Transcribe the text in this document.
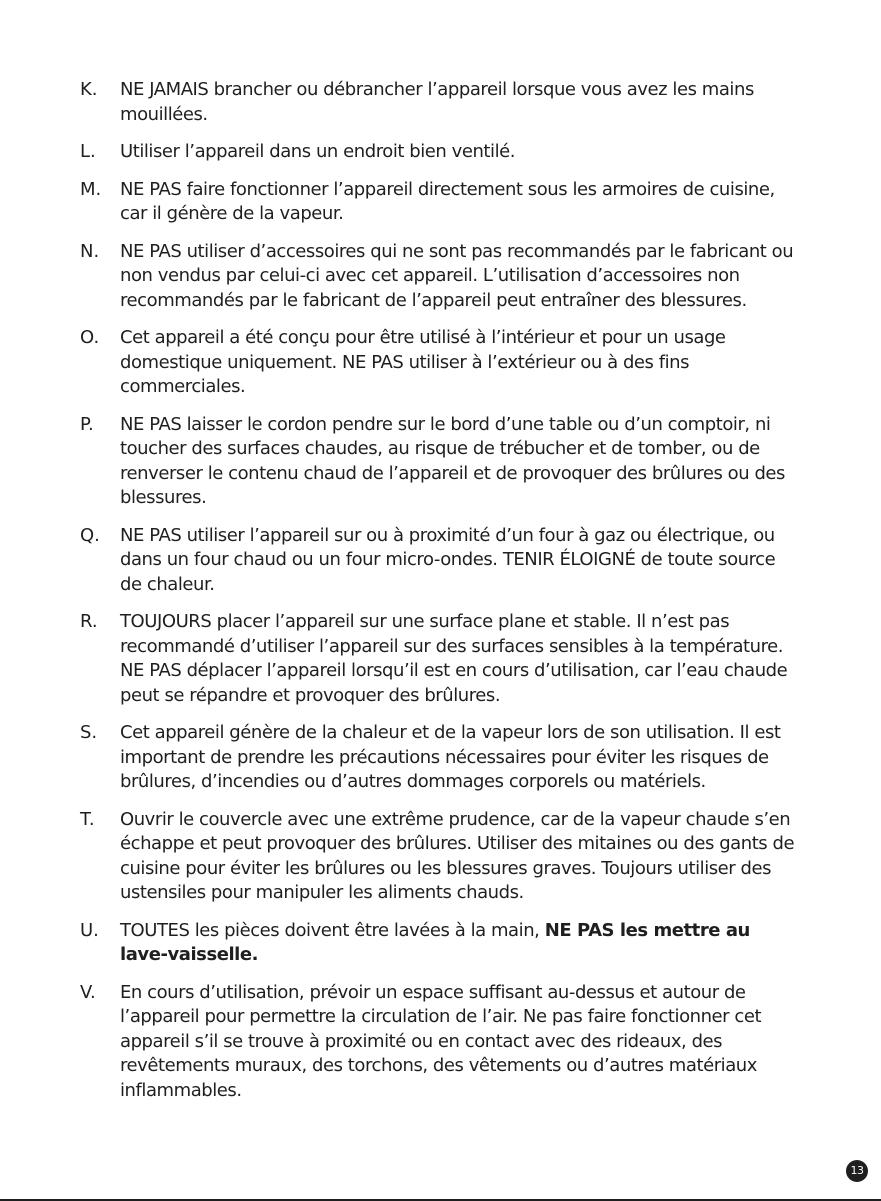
K.	NE JAMAIS brancher ou débrancher l’appareil lorsque vous avez les mains mouillées.
L.	Utiliser l’appareil dans un endroit bien ventilé.
M.	NE PAS faire fonctionner l’appareil directement sous les armoires de cuisine, car il génère de la vapeur.
N.	NE PAS utiliser d’accessoires qui ne sont pas recommandés par le fabricant ou non vendus par celui-ci avec cet appareil. L’utilisation d’accessoires non recommandés par le fabricant de l’appareil peut entraîner des blessures.
O.	Cet appareil a été conçu pour être utilisé à l’intérieur et pour un usage domestique uniquement. NE PAS utiliser à l’extérieur ou à des fins commerciales.
P.	NE PAS laisser le cordon pendre sur le bord d’une table ou d’un comptoir, ni toucher des surfaces chaudes, au risque de trébucher et de tomber, ou de renverser le contenu chaud de l’appareil et de provoquer des brûlures ou des blessures.
Q.	NE PAS utiliser l’appareil sur ou à proximité d’un four à gaz ou électrique, ou dans un four chaud ou un four micro-ondes. TENIR ÉLOIGNÉ de toute source de chaleur.
R.	TOUJOURS placer l’appareil sur une surface plane et stable. Il n’est pas recommandé d’utiliser l’appareil sur des surfaces sensibles à la température. NE PAS déplacer l’appareil lorsqu’il est en cours d’utilisation, car l’eau chaude peut se répandre et provoquer des brûlures.
S.	Cet appareil génère de la chaleur et de la vapeur lors de son utilisation. Il est important de prendre les précautions nécessaires pour éviter les risques de brûlures, d’incendies ou d’autres dommages corporels ou matériels.
T.	Ouvrir le couvercle avec une extrême prudence, car de la vapeur chaude s’en échappe et peut provoquer des brûlures. Utiliser des mitaines ou des gants de cuisine pour éviter les brûlures ou les blessures graves. Toujours utiliser des ustensiles pour manipuler les aliments chauds.
U.	TOUTES les pièces doivent être lavées à la main, NE PAS les mettre au lave-vaisselle.
V.	En cours d’utilisation, prévoir un espace suffisant au-dessus et autour de l’appareil pour permettre la circulation de l’air. Ne pas faire fonctionner cet appareil s’il se trouve à proximité ou en contact avec des rideaux, des revêtements muraux, des torchons, des vêtements ou d’autres matériaux inflammables.
13
